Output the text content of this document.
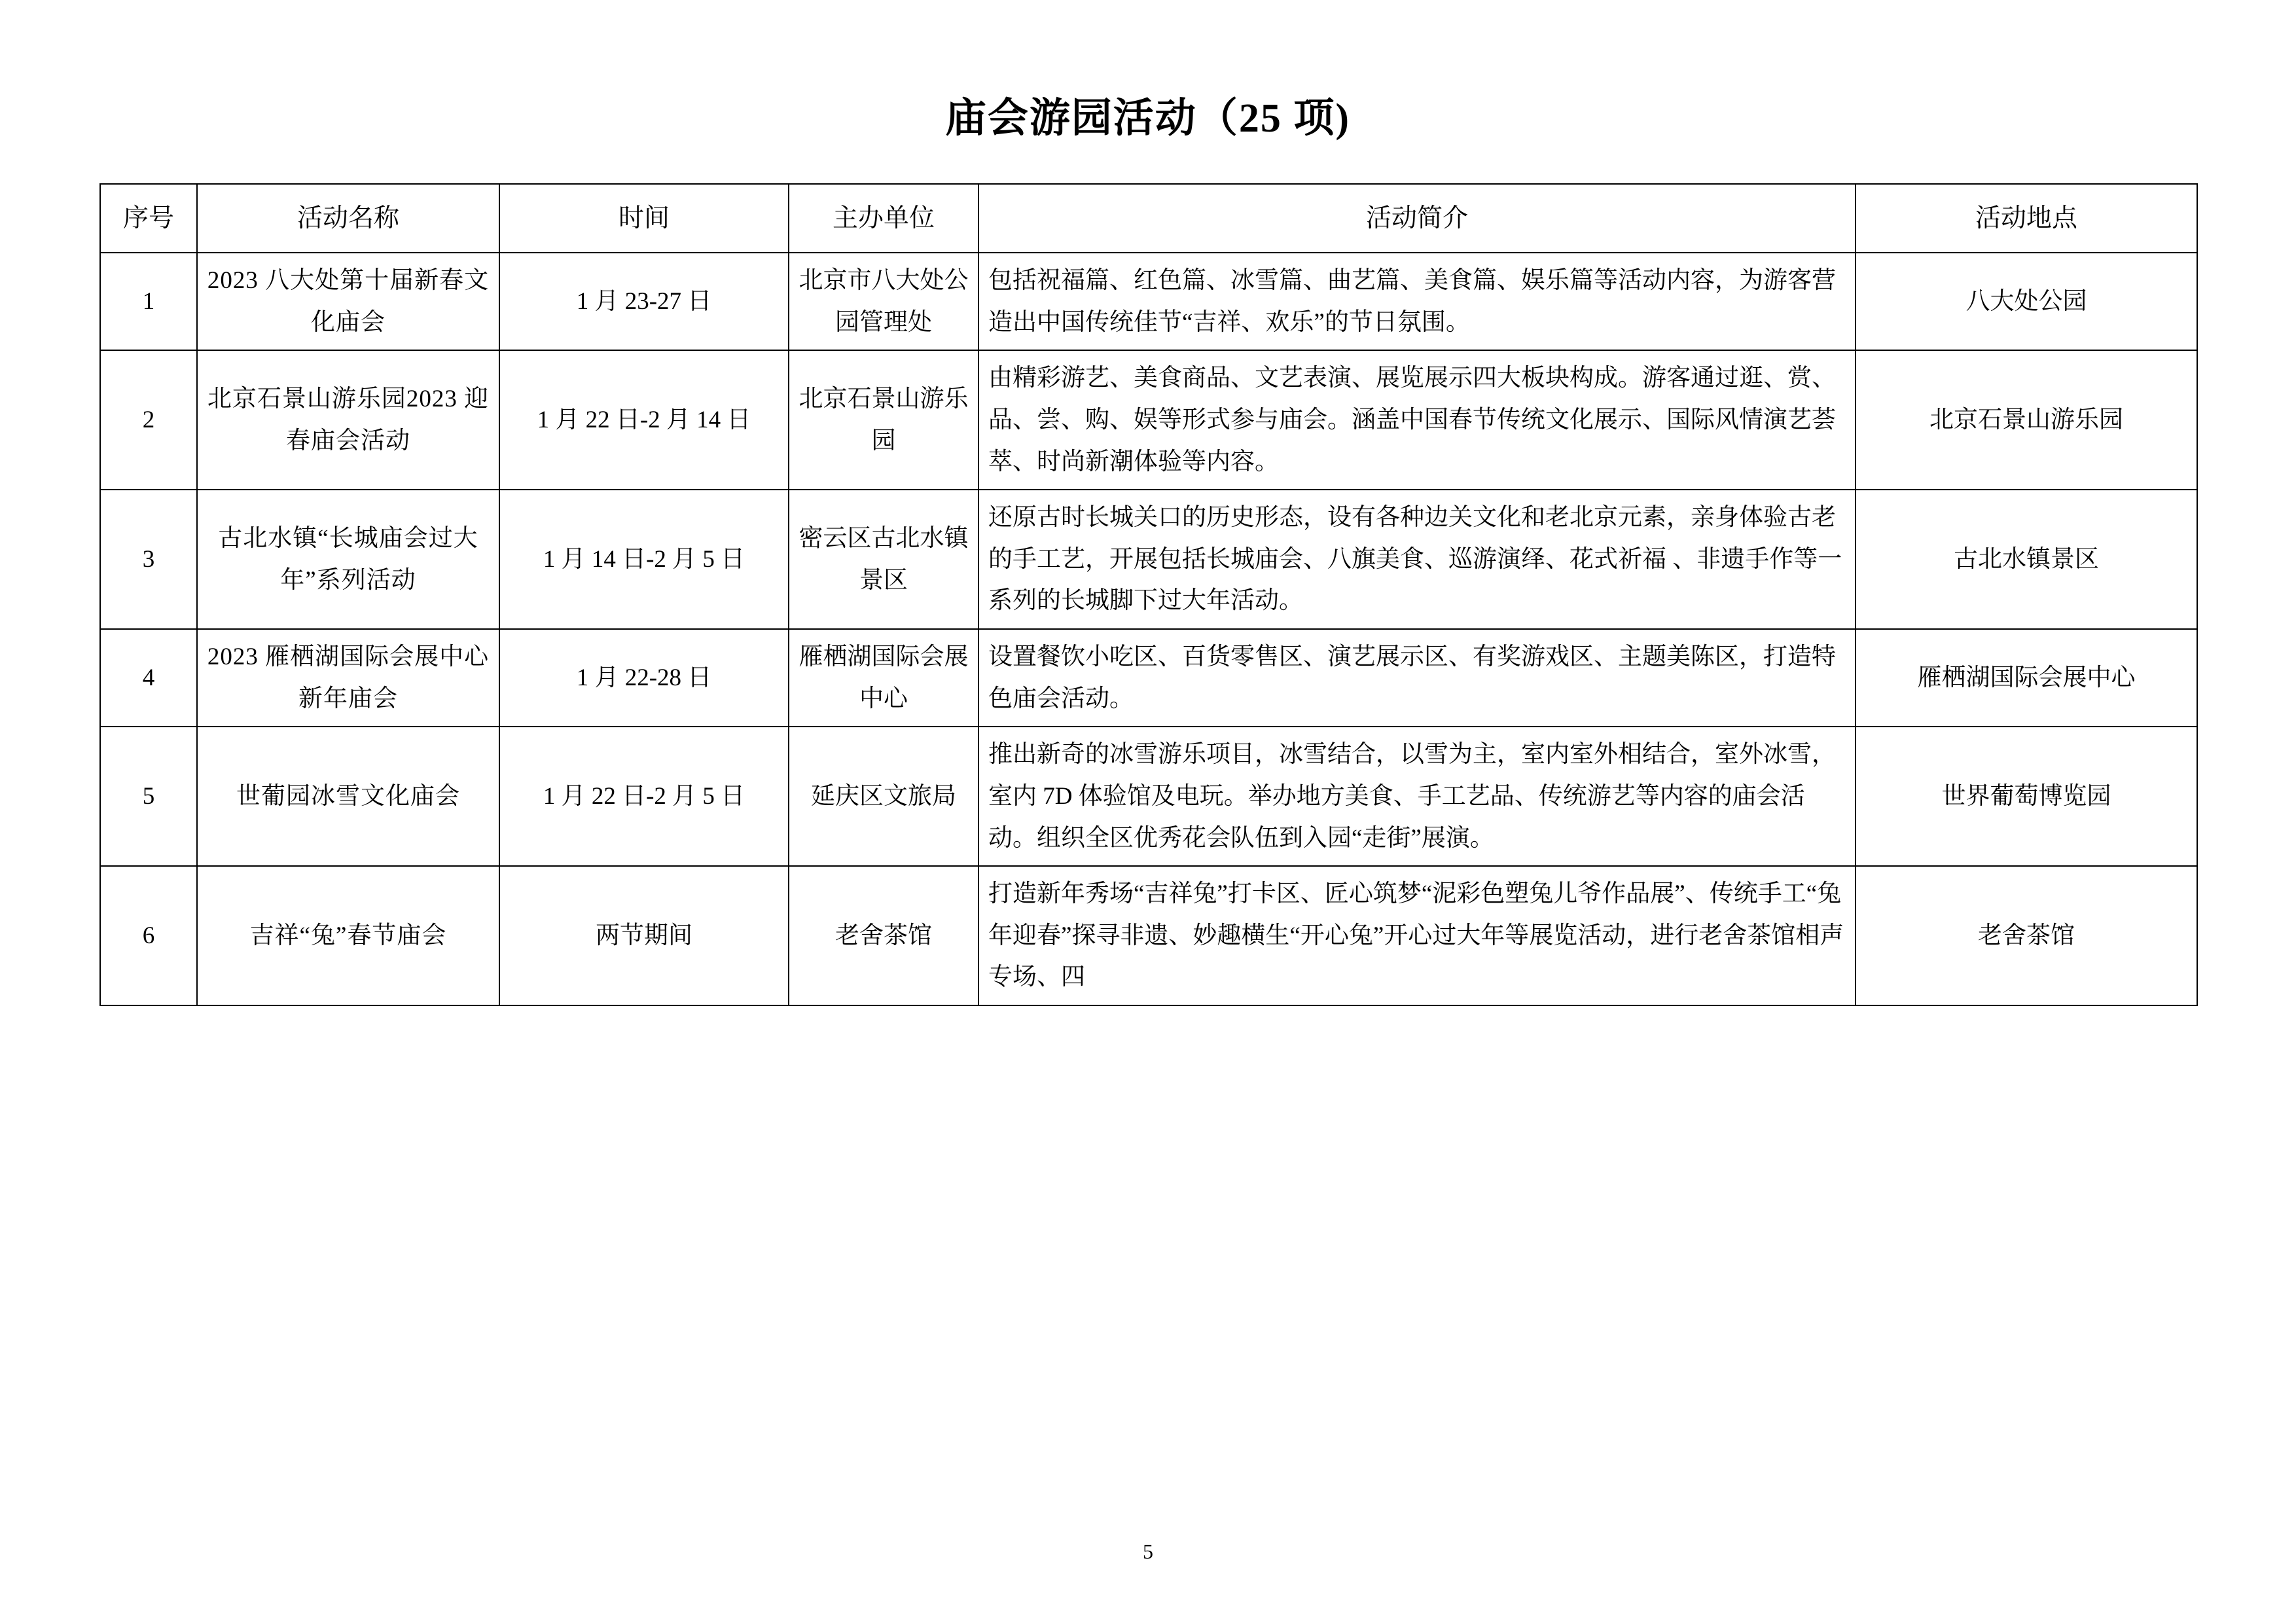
庙会游园活动（25 项)
序号	活动名称	时间	主办单位	活动简介	活动地点
1	2023 八大处第十届新春文化庙会	1 月 23-27 日	北京市八大处公园管理处	包括祝福篇、红色篇、冰雪篇、曲艺篇、美食篇、娱乐篇等活动内容，为游客营造出中国传统佳节“吉祥、欢乐”的节日氛围。	八大处公园
2	北京石景山游乐园2023 迎春庙会活动	1 月 22 日-2 月 14 日	北京石景山游乐园	由精彩游艺、美食商品、文艺表演、展览展示四大板块构成。游客通过逛、赏、品、尝、购、娱等形式参与庙会。涵盖中国春节传统文化展示、国际风情演艺荟萃、时尚新潮体验等内容。	北京石景山游乐园
3	古北水镇“长城庙会过大年”系列活动	1 月 14 日-2 月 5 日	密云区古北水镇景区	还原古时长城关口的历史形态，设有各种边关文化和老北京元素，亲身体验古老的手工艺，开展包括长城庙会、八旗美食、巡游演绎、花式祈福 、非遗手作等一系列的长城脚下过大年活动。	古北水镇景区
4	2023 雁栖湖国际会展中心新年庙会	1 月 22-28 日	雁栖湖国际会展中心	设置餐饮小吃区、百货零售区、演艺展示区、有奖游戏区、主题美陈区，打造特色庙会活动。	雁栖湖国际会展中心
5	世葡园冰雪文化庙会	1 月 22 日-2 月 5 日	延庆区文旅局	推出新奇的冰雪游乐项目，冰雪结合，以雪为主，室内室外相结合，室外冰雪，室内 7D 体验馆及电玩。举办地方美食、手工艺品、传统游艺等内容的庙会活动。组织全区优秀花会队伍到入园“走街”展演。	世界葡萄博览园
6	吉祥“兔”春节庙会	两节期间	老舍茶馆	打造新年秀场“吉祥兔”打卡区、匠心筑梦“泥彩色塑兔儿爷作品展”、传统手工“兔年迎春”探寻非遗、妙趣横生“开心兔”开心过大年等展览活动，进行老舍茶馆相声专场、四	老舍茶馆
5
